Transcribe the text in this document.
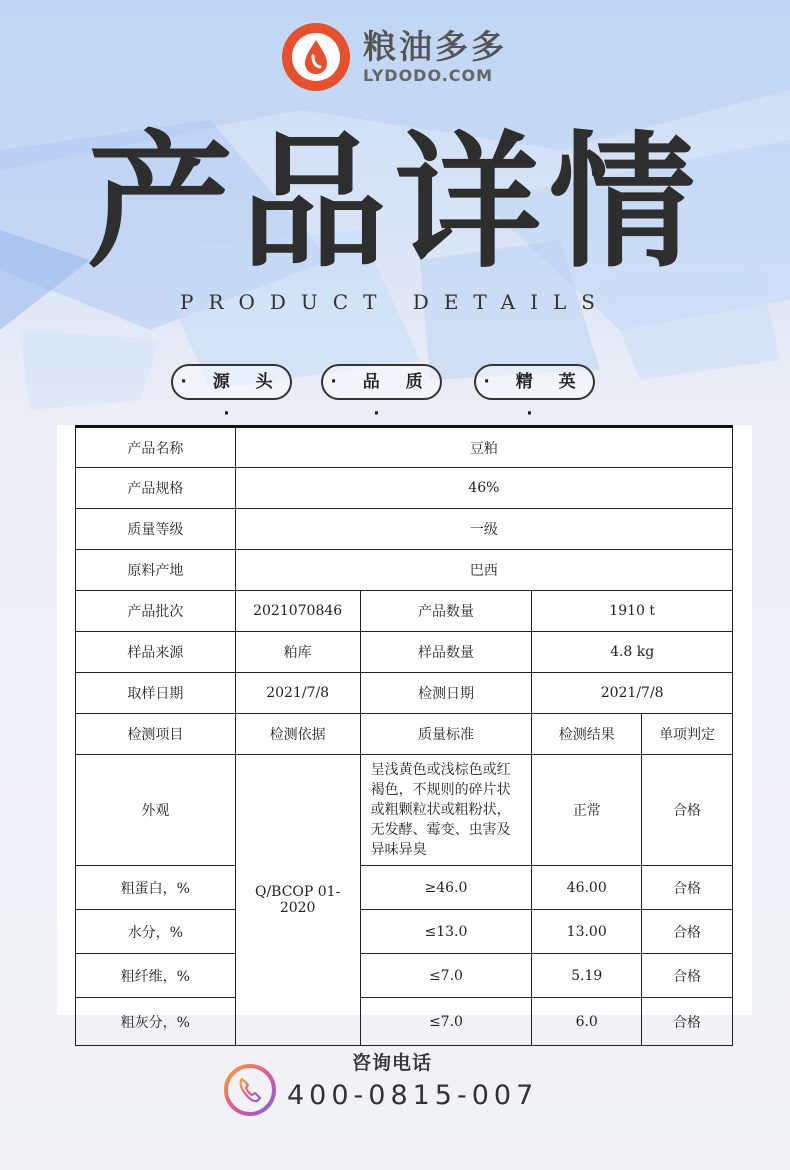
粮油多多
LYDODO.COM
产品详情
PRODUCT DETAILS
· 源 头 ·
· 品 质 ·
· 精 英 ·
产品名称	豆粕			
产品规格	46%			
质量等级	一级			
原料产地	巴西			
产品批次	2021070846	产品数量	1910 t	
样品来源	粕库	样品数量	4.8 kg	
取样日期	2021/7/8	检测日期	2021/7/8	
检测项目	检测依据	质量标准	检测结果	单项判定
外观	Q/BCOP 01-2020	呈浅黄色或浅棕色或红褐色，不规则的碎片状或粗颗粒状或粗粉状，无发酵、霉变、虫害及异味异臭	正常	合格
粗蛋白，%		≥46.0	46.00	合格
水分，%		≤13.0	13.00	合格
粗纤维，%		≤7.0	5.19	合格
粗灰分，%		≤7.0	6.0	合格
咨询电话
400-0815-007
